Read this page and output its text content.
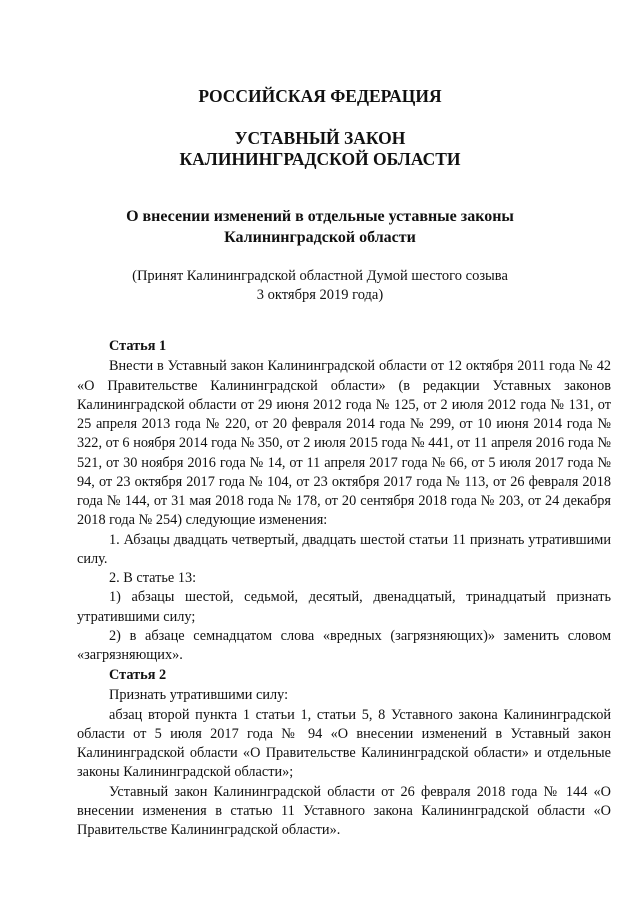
РОССИЙСКАЯ ФЕДЕРАЦИЯ
УСТАВНЫЙ ЗАКОН
КАЛИНИНГРАДСКОЙ ОБЛАСТИ
О внесении изменений в отдельные уставные законы
Калининградской области
(Принят Калининградской областной Думой шестого созыва
3 октября 2019 года)
Статья 1

Внести в Уставный закон Калининградской области от 12 октября 2011 года № 42 «О Правительстве Калининградской области» (в редакции Уставных законов Калининградской области от 29 июня 2012 года № 125, от 2 июля 2012 года № 131, от 25 апреля 2013 года № 220, от 20 февраля 2014 года № 299, от 10 июня 2014 года № 322, от 6 ноября 2014 года № 350, от 2 июля 2015 года № 441, от 11 апреля 2016 года № 521, от 30 ноября 2016 года № 14, от 11 апреля 2017 года № 66, от 5 июля 2017 года № 94, от 23 октября 2017 года № 104, от 23 октября 2017 года № 113, от 26 февраля 2018 года № 144, от 31 мая 2018 года № 178, от 20 сентября 2018 года № 203, от 24 декабря 2018 года № 254) следующие изменения:

1. Абзацы двадцать четвертый, двадцать шестой статьи 11 признать утратившими силу.

2. В статье 13:

1) абзацы шестой, седьмой, десятый, двенадцатый, тринадцатый признать утратившими силу;

2) в абзаце семнадцатом слова «вредных (загрязняющих)» заменить словом «загрязняющих».

Статья 2

Признать утратившими силу:

абзац второй пункта 1 статьи 1, статьи 5, 8 Уставного закона Калининградской области от 5 июля 2017 года № 94 «О внесении изменений в Уставный закон Калининградской области «О Правительстве Калининградской области» и отдельные законы Калининградской области»;

Уставный закон Калининградской области от 26 февраля 2018 года № 144 «О внесении изменения в статью 11 Уставного закона Калининградской области «О Правительстве Калининградской области».
